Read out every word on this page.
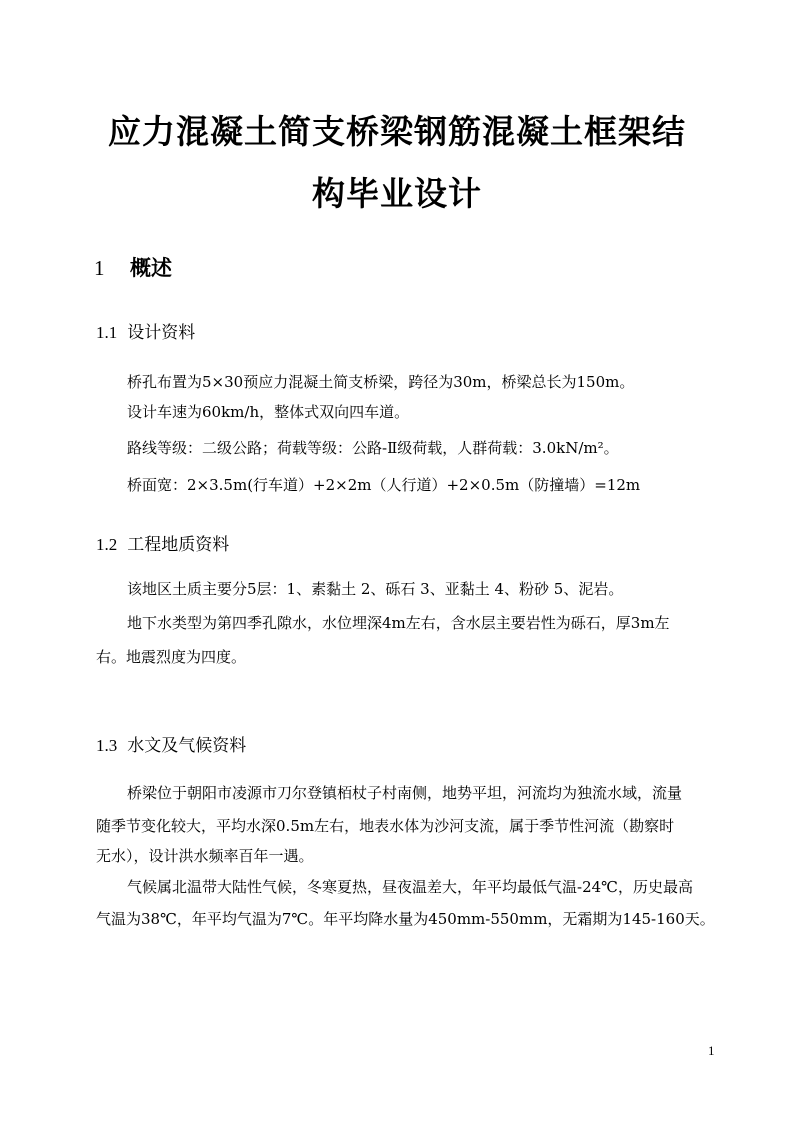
应力混凝土简支桥梁钢筋混凝土框架结
构毕业设计
1 概述
1.1 设计资料
桥孔布置为5×30预应力混凝土简支桥梁，跨径为30m，桥梁总长为150m。
设计车速为60km/h，整体式双向四车道。
路线等级：二级公路；荷载等级：公路-Ⅱ级荷载，人群荷载：3.0kN/m²。
桥面宽：2×3.5m(行车道）+2×2m（人行道）+2×0.5m（防撞墙）=12m
1.2 工程地质资料
该地区土质主要分5层：1、素黏土 2、砾石 3、亚黏土 4、粉砂 5、泥岩。
地下水类型为第四季孔隙水，水位埋深4m左右，含水层主要岩性为砾石，厚3m左
右。地震烈度为四度。
1.3 水文及气候资料
桥梁位于朝阳市凌源市刀尔登镇栢杖子村南侧，地势平坦，河流均为独流水域，流量
随季节变化较大，平均水深0.5m左右，地表水体为沙河支流，属于季节性河流（勘察时
无水），设计洪水频率百年一遇。
气候属北温带大陆性气候，冬寒夏热，昼夜温差大，年平均最低气温-24℃，历史最高
气温为38℃，年平均气温为7℃。年平均降水量为450mm-550mm，无霜期为145-160天。
1
